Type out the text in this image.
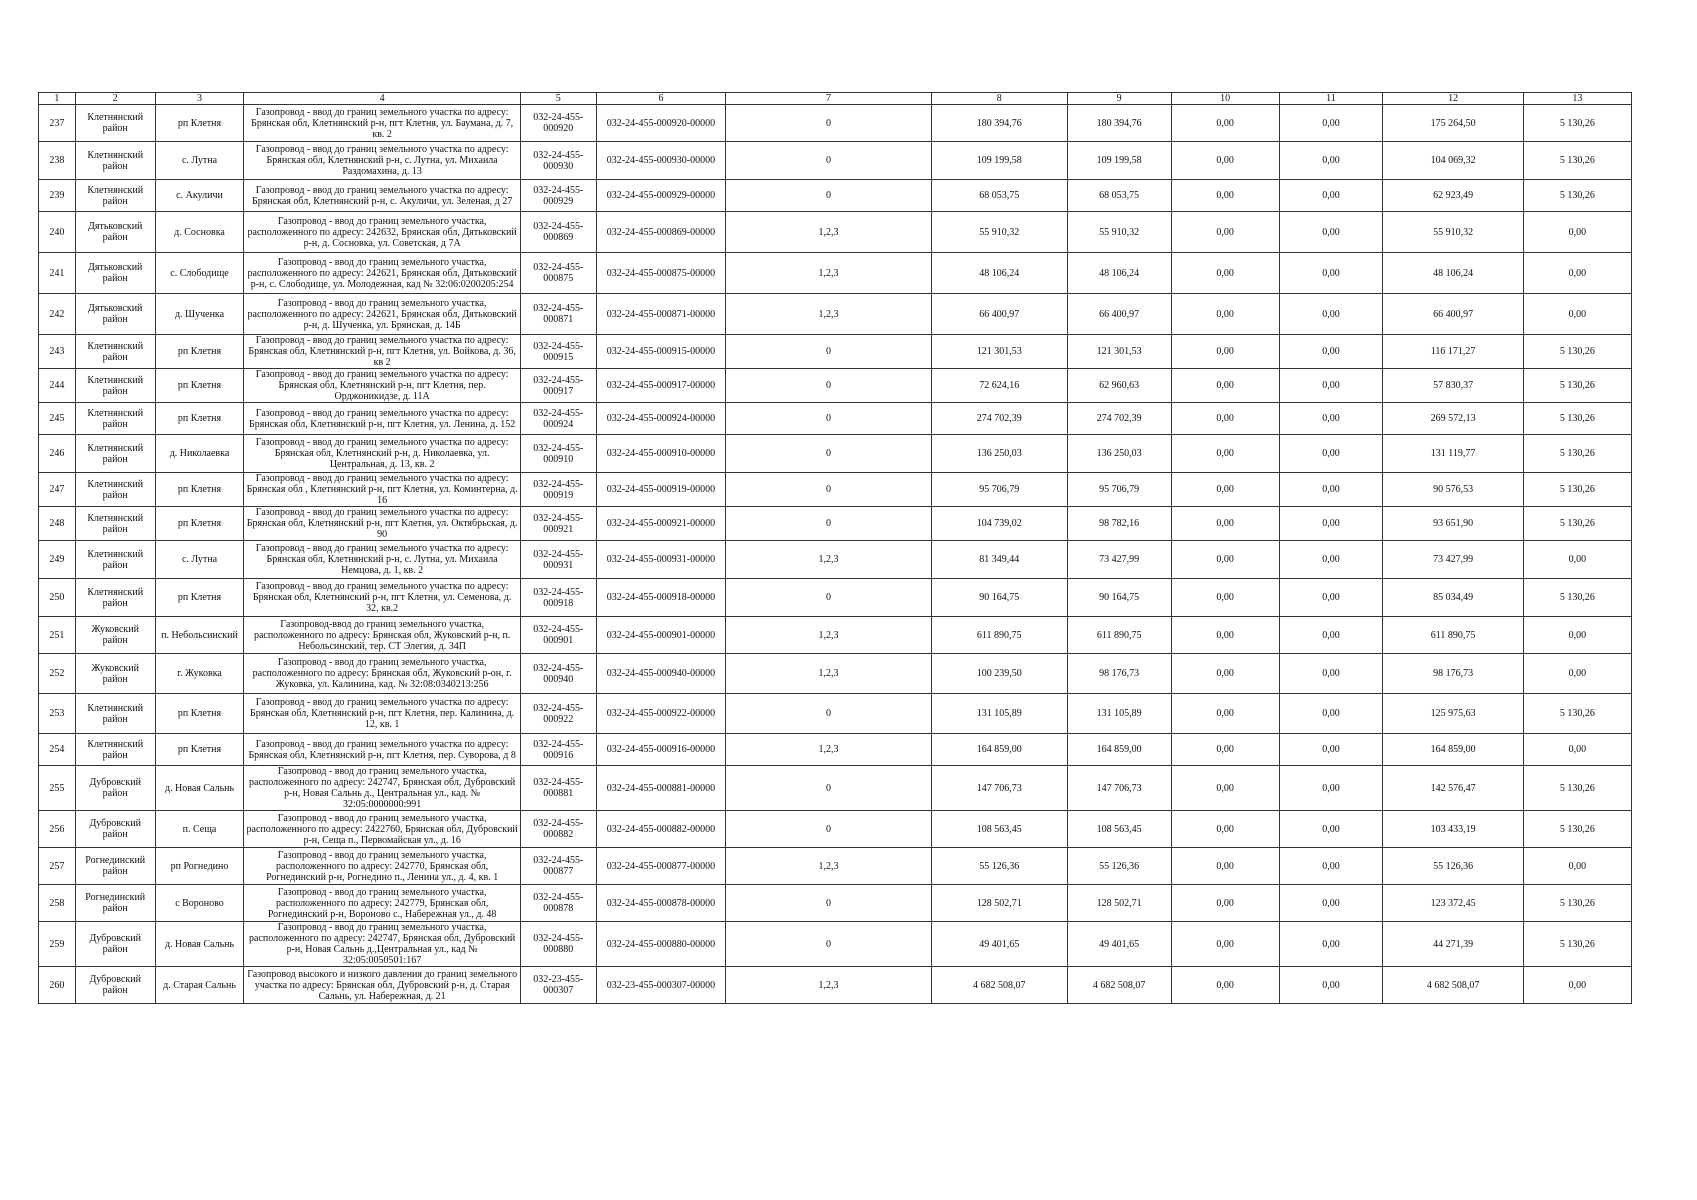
1	2	3	4	5	6	7	8	9	10	11	12	13
237	Клетнянский район	рп Клетня	Газопровод - ввод до границ земельного участка по адресу: Брянская обл, Клетнянский р-н, пгт Клетня, ул. Баумана, д. 7, кв. 2	032-24-455-000920	032-24-455-000920-00000	0	180 394,76	180 394,76	0,00	0,00	175 264,50	5 130,26
238	Клетнянский район	с. Лутна	Газопровод - ввод до границ земельного участка по адресу: Брянская обл, Клетнянский р-н, с. Лутна, ул. Михаила Раздомахина, д. 13	032-24-455-000930	032-24-455-000930-00000	0	109 199,58	109 199,58	0,00	0,00	104 069,32	5 130,26
239	Клетнянский район	с. Акуличи	Газопровод - ввод до границ земельного участка по адресу: Брянская обл, Клетнянский р-н, с. Акуличи, ул. Зеленая, д 27	032-24-455-000929	032-24-455-000929-00000	0	68 053,75	68 053,75	0,00	0,00	62 923,49	5 130,26
240	Дятьковский район	д. Сосновка	Газопровод - ввод до границ земельного участка, расположенного по адресу: 242632, Брянская обл, Дятьковский р-н, д. Сосновка, ул. Советская, д 7А	032-24-455-000869	032-24-455-000869-00000	1,2,3	55 910,32	55 910,32	0,00	0,00	55 910,32	0,00
241	Дятьковский район	с. Слободище	Газопровод - ввод до границ земельного участка, расположенного по адресу: 242621, Брянская обл, Дятьковский р-н, с. Слободище, ул. Молодежная, кад № 32:06:0200205:254	032-24-455-000875	032-24-455-000875-00000	1,2,3	48 106,24	48 106,24	0,00	0,00	48 106,24	0,00
242	Дятьковский район	д. Шученка	Газопровод - ввод до границ земельного участка, расположенного по адресу: 242621, Брянская обл, Дятьковский р-н, д. Шученка, ул. Брянская, д. 14Б	032-24-455-000871	032-24-455-000871-00000	1,2,3	66 400,97	66 400,97	0,00	0,00	66 400,97	0,00
243	Клетнянский район	рп Клетня	Газопровод - ввод до границ земельного участка по адресу: Брянская обл, Клетнянский р-н, пгт Клетня, ул. Войкова, д. 36, кв 2	032-24-455-000915	032-24-455-000915-00000	0	121 301,53	121 301,53	0,00	0,00	116 171,27	5 130,26
244	Клетнянский район	рп Клетня	Газопровод - ввод до границ земельного участка по адресу: Брянская обл, Клетнянский р-н, пгт Клетня, пер. Орджоникидзе, д. 11А	032-24-455-000917	032-24-455-000917-00000	0	72 624,16	62 960,63	0,00	0,00	57 830,37	5 130,26
245	Клетнянский район	рп Клетня	Газопровод - ввод до границ земельного участка по адресу: Брянская обл, Клетнянский р-н, пгт Клетня, ул. Ленина, д. 152	032-24-455-000924	032-24-455-000924-00000	0	274 702,39	274 702,39	0,00	0,00	269 572,13	5 130,26
246	Клетнянский район	д. Николаевка	Газопровод - ввод до границ земельного участка по адресу: Брянская обл, Клетнянский р-н, д. Николаевка, ул. Центральная, д. 13, кв. 2	032-24-455-000910	032-24-455-000910-00000	0	136 250,03	136 250,03	0,00	0,00	131 119,77	5 130,26
247	Клетнянский район	рп Клетня	Газопровод - ввод до границ земельного участка по адресу: Брянская обл , Клетнянский р-н, пгт Клетня, ул. Коминтерна, д. 16	032-24-455-000919	032-24-455-000919-00000	0	95 706,79	95 706,79	0,00	0,00	90 576,53	5 130,26
248	Клетнянский район	рп Клетня	Газопровод - ввод до границ земельного участка по адресу: Брянская обл, Клетнянский р-н, пгт Клетня, ул. Октябрьская, д. 90	032-24-455-000921	032-24-455-000921-00000	0	104 739,02	98 782,16	0,00	0,00	93 651,90	5 130,26
249	Клетнянский район	с. Лутна	Газопровод - ввод до границ земельного участка по адресу: Брянская обл, Клетнянский р-н, с. Лутна, ул. Михаила Немцова, д. 1, кв. 2	032-24-455-000931	032-24-455-000931-00000	1,2,3	81 349,44	73 427,99	0,00	0,00	73 427,99	0,00
250	Клетнянский район	рп Клетня	Газопровод - ввод до границ земельного участка по адресу: Брянская обл, Клетнянский р-н, пгт Клетня, ул. Семенова, д. 32, кв.2	032-24-455-000918	032-24-455-000918-00000	0	90 164,75	90 164,75	0,00	0,00	85 034,49	5 130,26
251	Жуковский район	п. Небольсинский	Газопровод-ввод до границ земельного участка, расположенного по адресу: Брянская обл, Жуковский р-н, п. Небольсинский, тер. СТ Элегия, д. 34П	032-24-455-000901	032-24-455-000901-00000	1,2,3	611 890,75	611 890,75	0,00	0,00	611 890,75	0,00
252	Жуковский район	г. Жуковка	Газопровод - ввод до границ земельного участка, расположенного по адресу: Брянская обл, Жуковский р-он, г. Жуковка, ул. Калинина, кад. № 32:08:0340213:256	032-24-455-000940	032-24-455-000940-00000	1,2,3	100 239,50	98 176,73	0,00	0,00	98 176,73	0,00
253	Клетнянский район	рп Клетня	Газопровод - ввод до границ земельного участка по адресу: Брянская обл, Клетнянский р-н, пгт Клетня, пер. Калинина, д. 12, кв. 1	032-24-455-000922	032-24-455-000922-00000	0	131 105,89	131 105,89	0,00	0,00	125 975,63	5 130,26
254	Клетнянский район	рп Клетня	Газопровод - ввод до границ земельного участка по адресу: Брянская обл, Клетнянский р-н, пгт Клетня, пер. Суворова, д 8	032-24-455-000916	032-24-455-000916-00000	1,2,3	164 859,00	164 859,00	0,00	0,00	164 859,00	0,00
255	Дубровский район	д. Новая Сальнь	Газопровод - ввод до границ земельного участка, расположенного по адресу: 242747, Брянская обл, Дубровский р-н, Новая Сальнь д., Центральная ул., кад. № 32:05:0000000:991	032-24-455-000881	032-24-455-000881-00000	0	147 706,73	147 706,73	0,00	0,00	142 576,47	5 130,26
256	Дубровский район	п. Сеща	Газопровод - ввод до границ земельного участка, расположенного по адресу: 2422760, Брянская обл, Дубровский р-н, Сеща п., Первомайская ул., д. 16	032-24-455-000882	032-24-455-000882-00000	0	108 563,45	108 563,45	0,00	0,00	103 433,19	5 130,26
257	Рогнединский район	рп Рогнедино	Газопровод - ввод до границ земельного участка, расположенного по адресу: 242770, Брянская обл, Рогнединский р-н, Рогнедино п., Ленина ул., д. 4, кв. 1	032-24-455-000877	032-24-455-000877-00000	1,2,3	55 126,36	55 126,36	0,00	0,00	55 126,36	0,00
258	Рогнединский район	с Вороново	Газопровод - ввод до границ земельного участка, расположенного по адресу: 242779, Брянская обл, Рогнединский р-н, Вороново с., Набережная ул., д. 48	032-24-455-000878	032-24-455-000878-00000	0	128 502,71	128 502,71	0,00	0,00	123 372,45	5 130,26
259	Дубровский район	д. Новая Сальнь	Газопровод - ввод до границ земельного участка, расположенного по адресу: 242747, Брянская обл, Дубровский р-н, Новая Сальнь д.,Центральная ул., кад № 32:05:0050501:167	032-24-455-000880	032-24-455-000880-00000	0	49 401,65	49 401,65	0,00	0,00	44 271,39	5 130,26
260	Дубровский район	д. Старая Сальнь	Газопровод высокого и низкого давления до границ земельного участка по адресу: Брянская обл, Дубровский р-н, д. Старая Сальнь, ул. Набережная, д. 21	032-23-455-000307	032-23-455-000307-00000	1,2,3	4 682 508,07	4 682 508,07	0,00	0,00	4 682 508,07	0,00
